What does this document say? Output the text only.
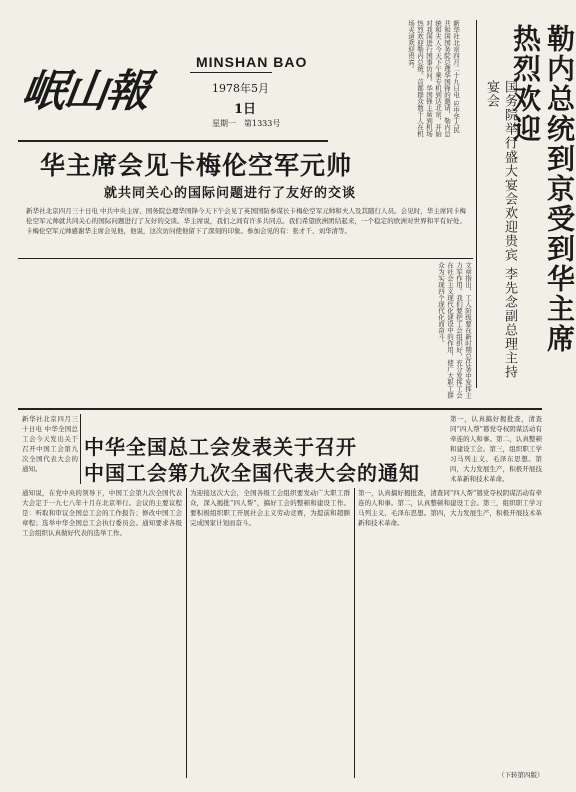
岷山報
MINSHAN BAO
1978年5月
1日
星期一　第1333号	新华社北京四月二十九日电 应中华人民共和国国务院总理华国锋的邀请，勒内总统和夫人今天下午乘专机到达北京，开始对我国进行国事访问。华国锋主席到机场热烈欢迎勒内总统。首都群众数千人在机场夹道欢迎贵宾。	勒内总统到京受到华主席热烈欢迎
国务院举行盛大宴会欢迎贵宾 李先念副总理主持宴会
华主席会见卡梅伦空军元帅
就共同关心的国际问题进行了友好的交谈
新华社北京四月三十日电 中共中央主席、国务院总理华国锋今天下午会见了英国国防参谋长卡梅伦空军元帅和夫人及其随行人员。会见时，华主席同卡梅伦空军元帅就共同关心的国际问题进行了友好的交谈。华主席说，我们之间有许多共同点。我们希望欧洲团结起来，一个稳定的欧洲对世界和平有好处。卡梅伦空军元帅感谢华主席会见他，他说，这次访问使他留下了深刻的印象。参加会见的有：张才千、刘华清等。
文章指出，工人阶级要在新时期总任务中发挥主力军作用。我们要把工会组织好，充分发挥工会在社会主义现代化建设中的作用，使广大职工群众为实现四个现代化而奋斗。
新华社北京四月三十日电 中华全国总工会今天发出关于召开中国工会第九次全国代表大会的通知。
中华全国总工会发表关于召开
中国工会第九次全国代表大会的通知
第一，认真搞好揭批查，清查同“四人帮”篡党夺权阴谋活动有牵连的人和事。第二，认真整顿和建设工会。第三，组织职工学习马列主义、毛泽东思想。第四，大力发展生产，积极开展技术革新和技术革命。
通知说，在党中央的领导下，中国工会第九次全国代表大会定于一九七八年十月在北京举行。会议的主要议程是：听取和审议全国总工会的工作报告；修改中国工会章程；选举中华全国总工会执行委员会。通知要求各级工会组织认真做好代表的选举工作。
为迎接这次大会，全国各级工会组织要发动广大职工群众，深入揭批“四人帮”，搞好工会的整顿和建设工作。要积极组织职工开展社会主义劳动竞赛，为提前和超额完成国家计划而奋斗。
第一，认真搞好揭批查，清查同“四人帮”篡党夺权阴谋活动有牵连的人和事。第二，认真整顿和建设工会。第三，组织职工学习马列主义、毛泽东思想。第四，大力发展生产，积极开展技术革新和技术革命。
（下转第四版）
